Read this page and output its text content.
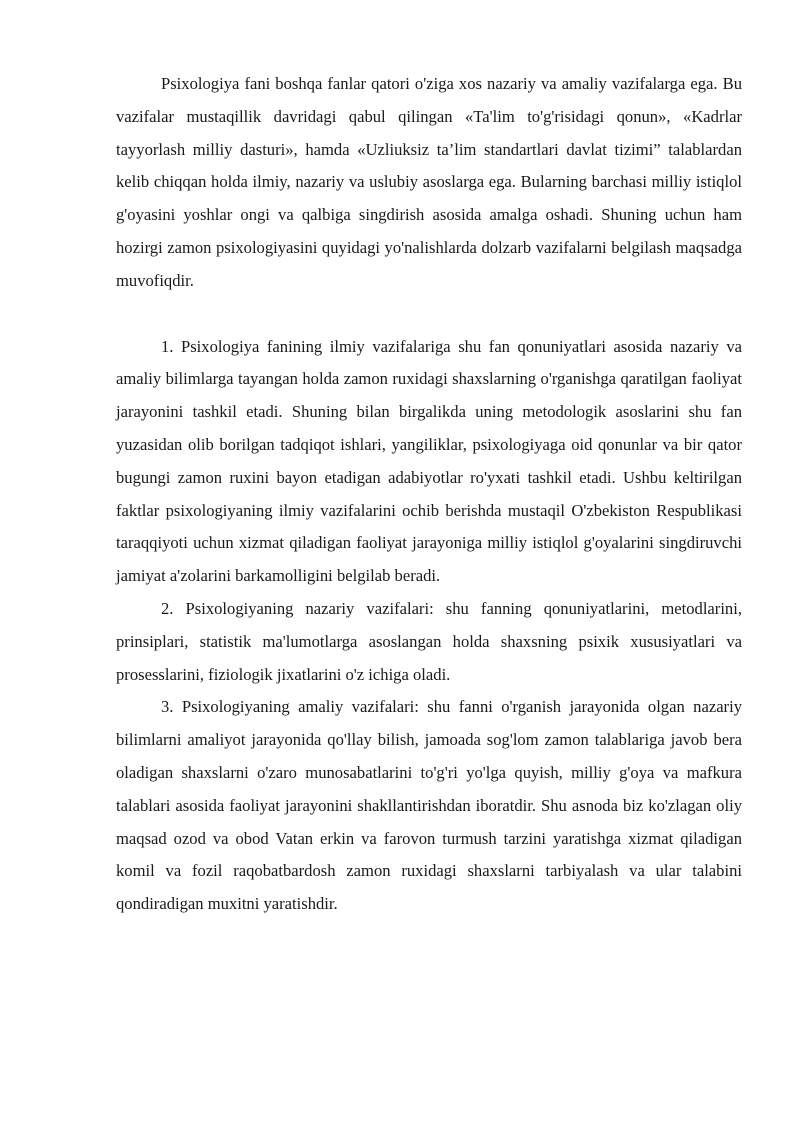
Psixologiya fani boshqa fanlar qatori o'ziga xos nazariy va amaliy vazifalarga ega. Bu vazifalar mustaqillik davridagi qabul qilingan «Ta'lim to'g'risidagi qonun», «Kadrlar tayyorlash milliy dasturi», hamda «Uzliuksiz ta’lim standartlari davlat tizimi” talablardan kelib chiqqan holda ilmiy, nazariy va uslubiy asoslarga ega. Bularning barchasi milliy istiqlol g'oyasini yoshlar ongi va qalbiga singdirish asosida amalga oshadi. Shuning uchun ham hozirgi zamon psixologiyasini quyidagi yo'nalishlarda dolzarb vazifalarni belgilash maqsadga muvofiqdir.

1. Psixologiya fanining ilmiy vazifalariga shu fan qonuniyatlari asosida nazariy va amaliy bilimlarga tayangan holda zamon ruxidagi shaxslarning o'rganishga qaratilgan faoliyat jarayonini tashkil etadi. Shuning bilan birgalikda uning metodologik asoslarini shu fan yuzasidan olib borilgan tadqiqot ishlari, yangiliklar, psixologiyaga oid qonunlar va bir qator bugungi zamon ruxini bayon etadigan adabiyotlar ro'yxati tashkil etadi. Ushbu keltirilgan faktlar psixologiyaning ilmiy vazifalarini ochib berishda mustaqil O'zbekiston Respublikasi taraqqiyoti uchun xizmat qiladigan faoliyat jarayoniga milliy istiqlol g'oyalarini singdiruvchi jamiyat a'zolarini barkamolligini belgilab beradi.

2. Psixologiyaning nazariy vazifalari: shu fanning qonuniyatlarini, metodlarini, prinsiplari, statistik ma'lumotlarga asoslangan holda shaxsning psixik xususiyatlari va prosesslarini, fiziologik jixatlarini o'z ichiga oladi.

3. Psixologiyaning amaliy vazifalari: shu fanni o'rganish jarayonida olgan nazariy bilimlarni amaliyot jarayonida qo'llay bilish, jamoada sog'lom zamon talablariga javob bera oladigan shaxslarni o'zaro munosabatlarini to'g'ri yo'lga quyish, milliy g'oya va mafkura talablari asosida faoliyat jarayonini shakllantirishdan iboratdir. Shu asnoda biz ko'zlagan oliy maqsad ozod va obod Vatan erkin va farovon turmush tarzini yaratishga xizmat qiladigan komil va fozil raqobatbardosh zamon ruxidagi shaxslarni tarbiyalash va ular talabini qondiradigan muxitni yaratishdir.
